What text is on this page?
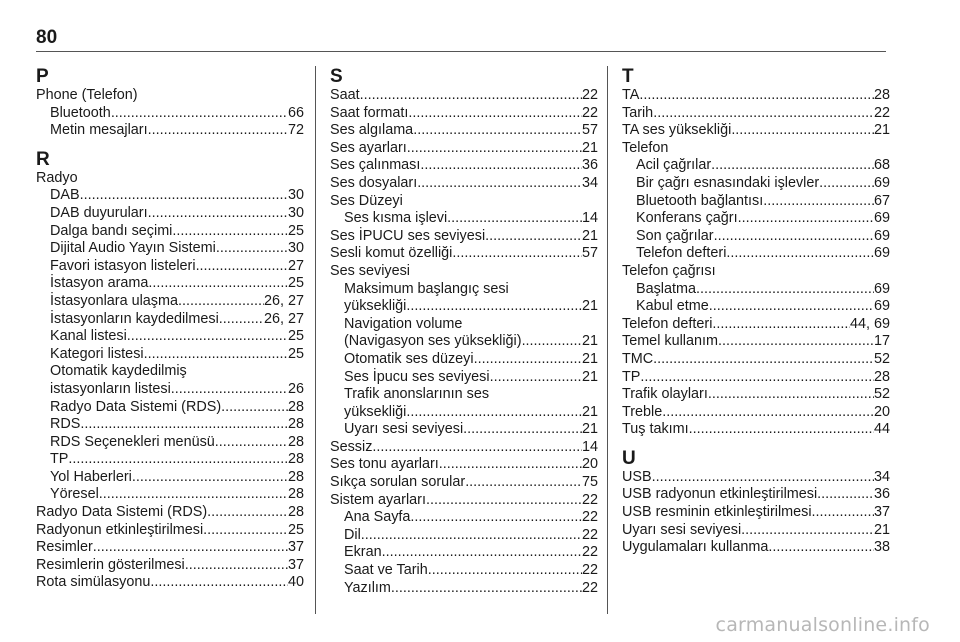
80
P
Phone (Telefon)
Bluetooth .....	66
Metin mesajları .....	72
R
Radyo
DAB .....	30
DAB duyuruları .....	30
Dalga bandı seçimi .....	25
Dijital Audio Yayın Sistemi .....	30
Favori istasyon listeleri .....	27
İstasyon arama .....	25
İstasyonlara ulaşma .....	26, 27
İstasyonların kaydedilmesi .....	26, 27
Kanal listesi .....	25
Kategori listesi .....	25
Otomatik kaydedilmiş
istasyonların listesi .....	26
Radyo Data Sistemi (RDS) .....	28
RDS .....	28
RDS Seçenekleri menüsü .....	28
TP .....	28
Yol Haberleri .....	28
Yöresel .....	28
Radyo Data Sistemi (RDS) .....	28
Radyonun etkinleştirilmesi .....	25
Resimler .....	37
Resimlerin gösterilmesi .....	37
Rota simülasyonu .....	40
S
Saat .....	22
Saat formatı .....	22
Ses algılama .....	57
Ses ayarları .....	21
Ses çalınması .....	36
Ses dosyaları .....	34
Ses Düzeyi
Ses kısma işlevi .....	14
Ses İPUCU ses seviyesi .....	21
Sesli komut özelliği .....	57
Ses seviyesi
Maksimum başlangıç sesi
yüksekliği .....	21
Navigation volume
(Navigasyon ses yüksekliği) .....	21
Otomatik ses düzeyi .....	21
Ses İpucu ses seviyesi .....	21
Trafik anonslarının ses
yüksekliği .....	21
Uyarı sesi seviyesi .....	21
Sessiz .....	14
Ses tonu ayarları .....	20
Sıkça sorulan sorular .....	75
Sistem ayarları .....	22
Ana Sayfa .....	22
Dil .....	22
Ekran .....	22
Saat ve Tarih .....	22
Yazılım .....	22
T
TA .....	28
Tarih .....	22
TA ses yüksekliği .....	21
Telefon
Acil çağrılar .....	68
Bir çağrı esnasındaki işlevler .....	69
Bluetooth bağlantısı .....	67
Konferans çağrı .....	69
Son çağrılar .....	69
Telefon defteri .....	69
Telefon çağrısı
Başlatma .....	69
Kabul etme .....	69
Telefon defteri .....	44, 69
Temel kullanım .....	17
TMC .....	52
TP .....	28
Trafik olayları .....	52
Treble .....	20
Tuş takımı .....	44
U
USB .....	34
USB radyonun etkinleştirilmesi .....	36
USB resminin etkinleştirilmesi .....	37
Uyarı sesi seviyesi .....	21
Uygulamaları kullanma .....	38
carmanualsonline.info
